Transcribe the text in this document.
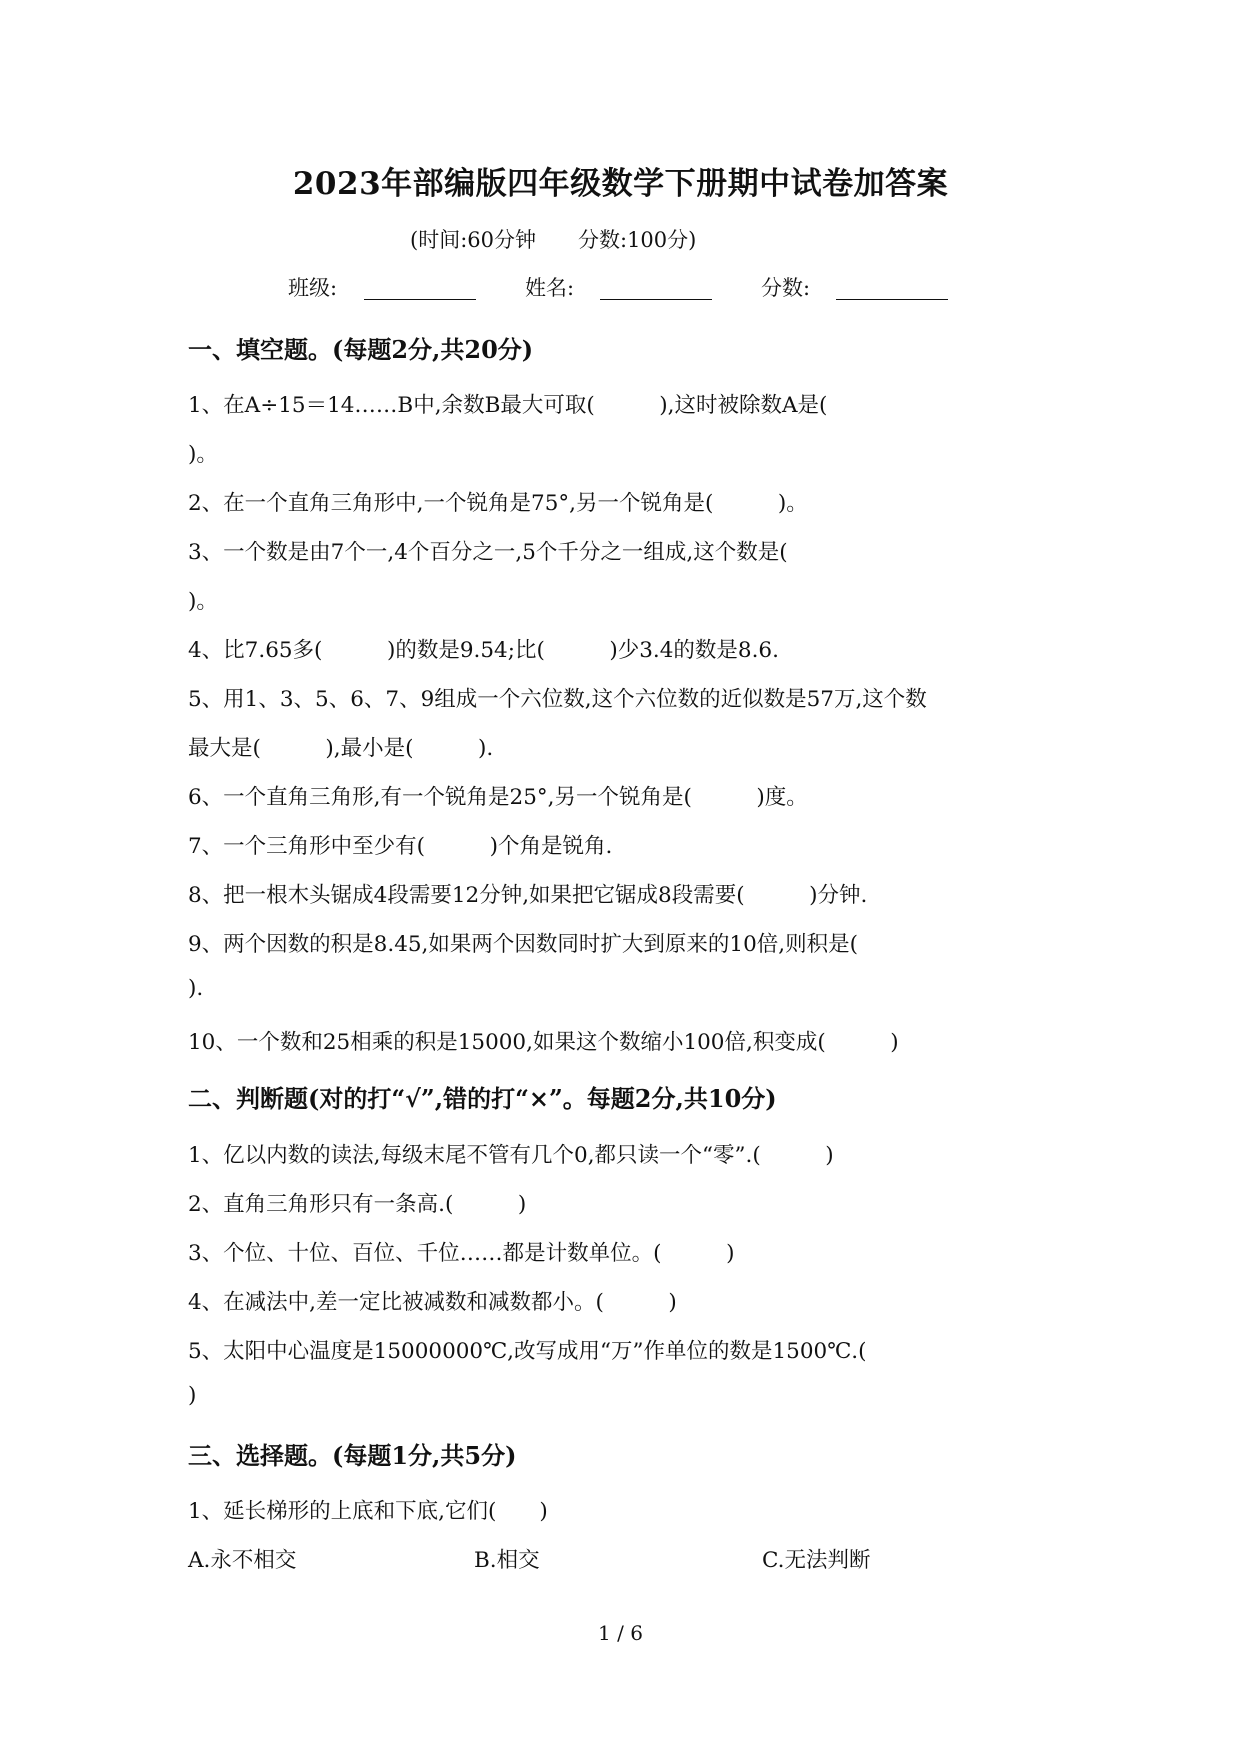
2023年部编版四年级数学下册期中试卷加答案
(时间:60分钟　　分数:100分)
班级:	姓名:	分数:
一、填空题。(每题2分,共20分)
1、在A÷15＝14……B中,余数B最大可取(　　　),这时被除数A是(
)。
2、在一个直角三角形中,一个锐角是75°,另一个锐角是(　　　)。
3、一个数是由7个一,4个百分之一,5个千分之一组成,这个数是(
)。
4、比7.65多(　　　)的数是9.54;比(　　　)少3.4的数是8.6.
5、用1、3、5、6、7、9组成一个六位数,这个六位数的近似数是57万,这个数
最大是(　　　),最小是(　　　).
6、一个直角三角形,有一个锐角是25°,另一个锐角是(　　　)度。
7、一个三角形中至少有(　　　)个角是锐角.
8、把一根木头锯成4段需要12分钟,如果把它锯成8段需要(　　　)分钟.
9、两个因数的积是8.45,如果两个因数同时扩大到原来的10倍,则积是(
).
10、一个数和25相乘的积是15000,如果这个数缩小100倍,积变成(　　　)
二、判断题(对的打“√”,错的打“×”。每题2分,共10分)
1、亿以内数的读法,每级末尾不管有几个0,都只读一个“零”.(　　　)
2、直角三角形只有一条高.(　　　)
3、个位、十位、百位、千位……都是计数单位。(　　　)
4、在减法中,差一定比被减数和减数都小。(　　　)
5、太阳中心温度是15000000℃,改写成用“万”作单位的数是1500℃.(
)
三、选择题。(每题1分,共5分)
1、延长梯形的上底和下底,它们(　　)
A.永不相交	B.相交	C.无法判断
1 / 6
